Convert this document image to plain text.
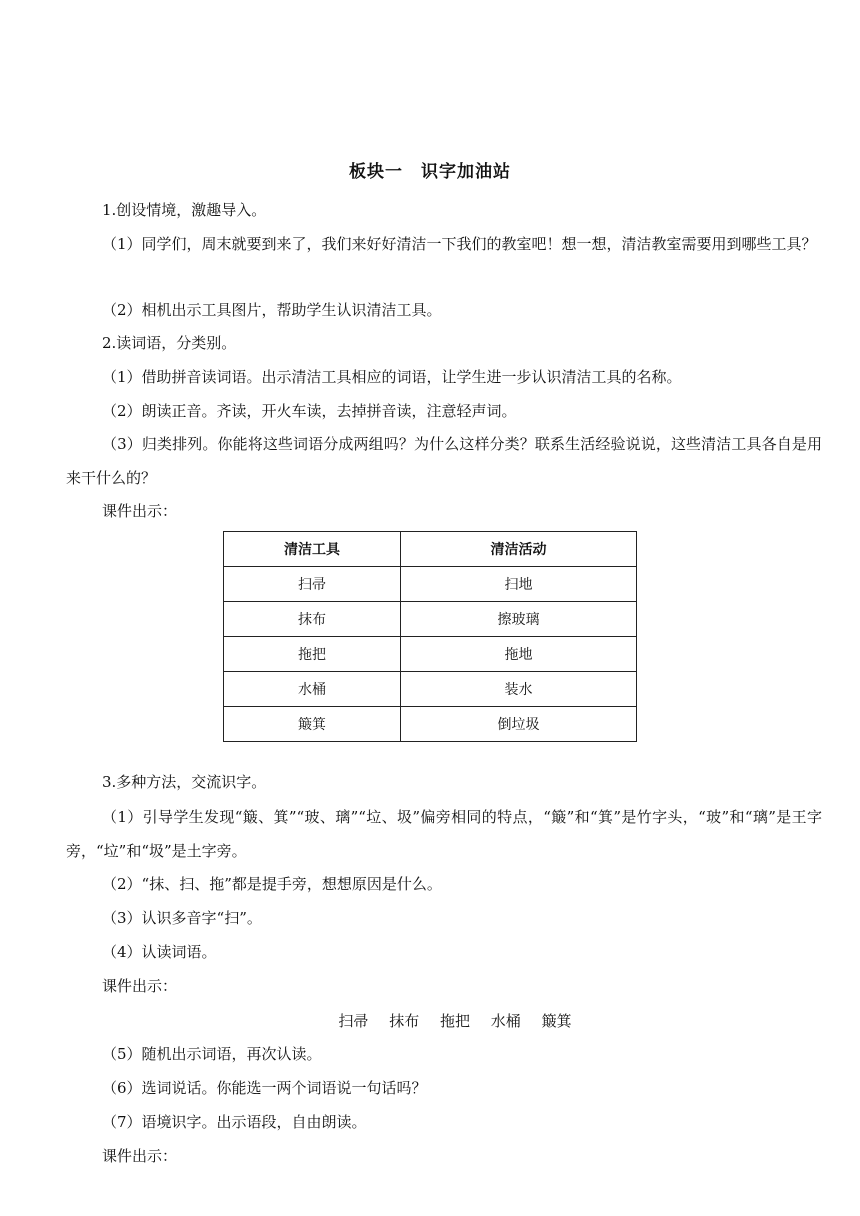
板块一　识字加油站
1.创设情境，激趣导入。
（1）同学们，周末就要到来了，我们来好好清洁一下我们的教室吧！想一想，清洁教室需要用到哪些工具？
（2）相机出示工具图片，帮助学生认识清洁工具。
2.读词语，分类别。
（1）借助拼音读词语。出示清洁工具相应的词语，让学生进一步认识清洁工具的名称。
（2）朗读正音。齐读，开火车读，去掉拼音读，注意轻声词。
（3）归类排列。你能将这些词语分成两组吗？为什么这样分类？联系生活经验说说，这些清洁工具各自是用来干什么的？
课件出示：
清洁工具	清洁活动
扫帚	扫地
抹布	擦玻璃
拖把	拖地
水桶	装水
簸箕	倒垃圾
3.多种方法，交流识字。
（1）引导学生发现“簸、箕”“玻、璃”“垃、圾”偏旁相同的特点，“簸”和“箕”是竹字头，“玻”和“璃”是王字旁，“垃”和“圾”是土字旁。
（2）“抹、扫、拖”都是提手旁，想想原因是什么。
（3）认识多音字“扫”。
（4）认读词语。
课件出示：
扫帚 抹布 拖把 水桶 簸箕
（5）随机出示词语，再次认读。
（6）选词说话。你能选一两个词语说一句话吗？
（7）语境识字。出示语段，自由朗读。
课件出示：
